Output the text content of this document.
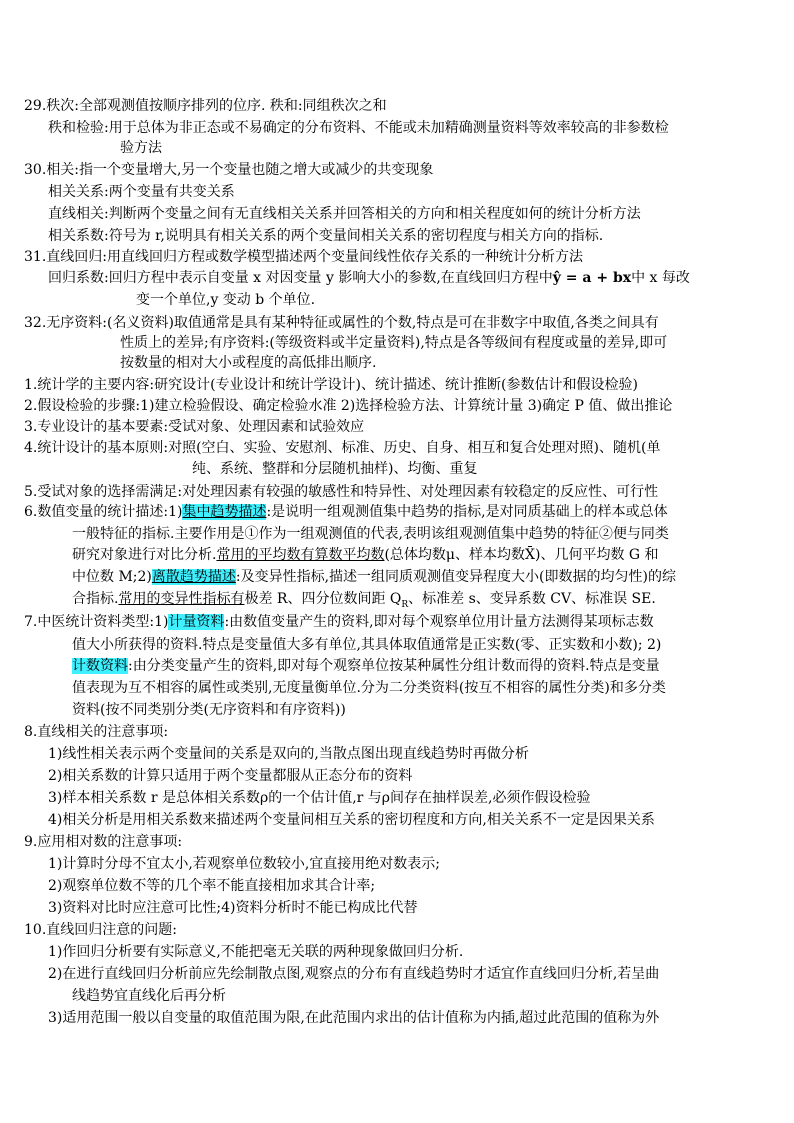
29.秩次:全部观测值按顺序排列的位序. 秩和:同组秩次之和
秩和检验:用于总体为非正态或不易确定的分布资料、不能或未加精确测量资料等效率较高的非参数检
验方法
30.相关:指一个变量增大,另一个变量也随之增大或减少的共变现象
相关关系:两个变量有共变关系
直线相关:判断两个变量之间有无直线相关关系并回答相关的方向和相关程度如何的统计分析方法
相关系数:符号为 r,说明具有相关关系的两个变量间相关关系的密切程度与相关方向的指标.
31.直线回归:用直线回归方程或数学模型描述两个变量间线性依存关系的一种统计分析方法
回归系数:回归方程中表示自变量 x 对因变量 y 影响大小的参数,在直线回归方程中ŷ = a + bx中 x 每改
变一个单位,y 变动 b 个单位.
32.无序资料:(名义资料)取值通常是具有某种特征或属性的个数,特点是可在非数字中取值,各类之间具有
性质上的差异;有序资料:(等级资料或半定量资料),特点是各等级间有程度或量的差异,即可
按数量的相对大小或程度的高低排出顺序.
1.统计学的主要内容:研究设计(专业设计和统计学设计)、统计描述、统计推断(参数估计和假设检验)
2.假设检验的步骤:1)建立检验假设、确定检验水准 2)选择检验方法、计算统计量 3)确定 P 值、做出推论
3.专业设计的基本要素:受试对象、处理因素和试验效应
4.统计设计的基本原则:对照(空白、实验、安慰剂、标准、历史、自身、相互和复合处理对照)、随机(单
纯、系统、整群和分层随机抽样)、均衡、重复
5.受试对象的选择需满足:对处理因素有较强的敏感性和特异性、对处理因素有较稳定的反应性、可行性
6.数值变量的统计描述:1)集中趋势描述:是说明一组观测值集中趋势的指标,是对同质基础上的样本或总体
一般特征的指标.主要作用是①作为一组观测值的代表,表明该组观测值集中趋势的特征②便与同类
研究对象进行对比分析.常用的平均数有算数平均数(总体均数μ、样本均数X̄)、几何平均数 G 和
中位数 M;2)离散趋势描述:及变异性指标,描述一组同质观测值变异程度大小(即数据的均匀性)的综
合指标.常用的变异性指标有极差 R、四分位数间距 $Q_R$、标准差 s、变异系数 CV、标准误 SE.
7.中医统计资料类型:1)计量资料:由数值变量产生的资料,即对每个观察单位用计量方法测得某项标志数
值大小所获得的资料.特点是变量值大多有单位,其具体取值通常是正实数(零、正实数和小数); 2)
计数资料:由分类变量产生的资料,即对每个观察单位按某种属性分组计数而得的资料.特点是变量
值表现为互不相容的属性或类别,无度量衡单位.分为二分类资料(按互不相容的属性分类)和多分类
资料(按不同类别分类(无序资料和有序资料))
8.直线相关的注意事项:
1)线性相关表示两个变量间的关系是双向的,当散点图出现直线趋势时再做分析
2)相关系数的计算只适用于两个变量都服从正态分布的资料
3)样本相关系数 r 是总体相关系数ρ的一个估计值,r 与ρ间存在抽样误差,必须作假设检验
4)相关分析是用相关系数来描述两个变量间相互关系的密切程度和方向,相关关系不一定是因果关系
9.应用相对数的注意事项:
1)计算时分母不宜太小,若观察单位数较小,宜直接用绝对数表示;
2)观察单位数不等的几个率不能直接相加求其合计率;
3)资料对比时应注意可比性;4)资料分析时不能已构成比代替
10.直线回归注意的问题:
1)作回归分析要有实际意义,不能把毫无关联的两种现象做回归分析.
2)在进行直线回归分析前应先绘制散点图,观察点的分布有直线趋势时才适宜作直线回归分析,若呈曲
线趋势宜直线化后再分析
3)适用范围一般以自变量的取值范围为限,在此范围内求出的估计值称为内插,超过此范围的值称为外
